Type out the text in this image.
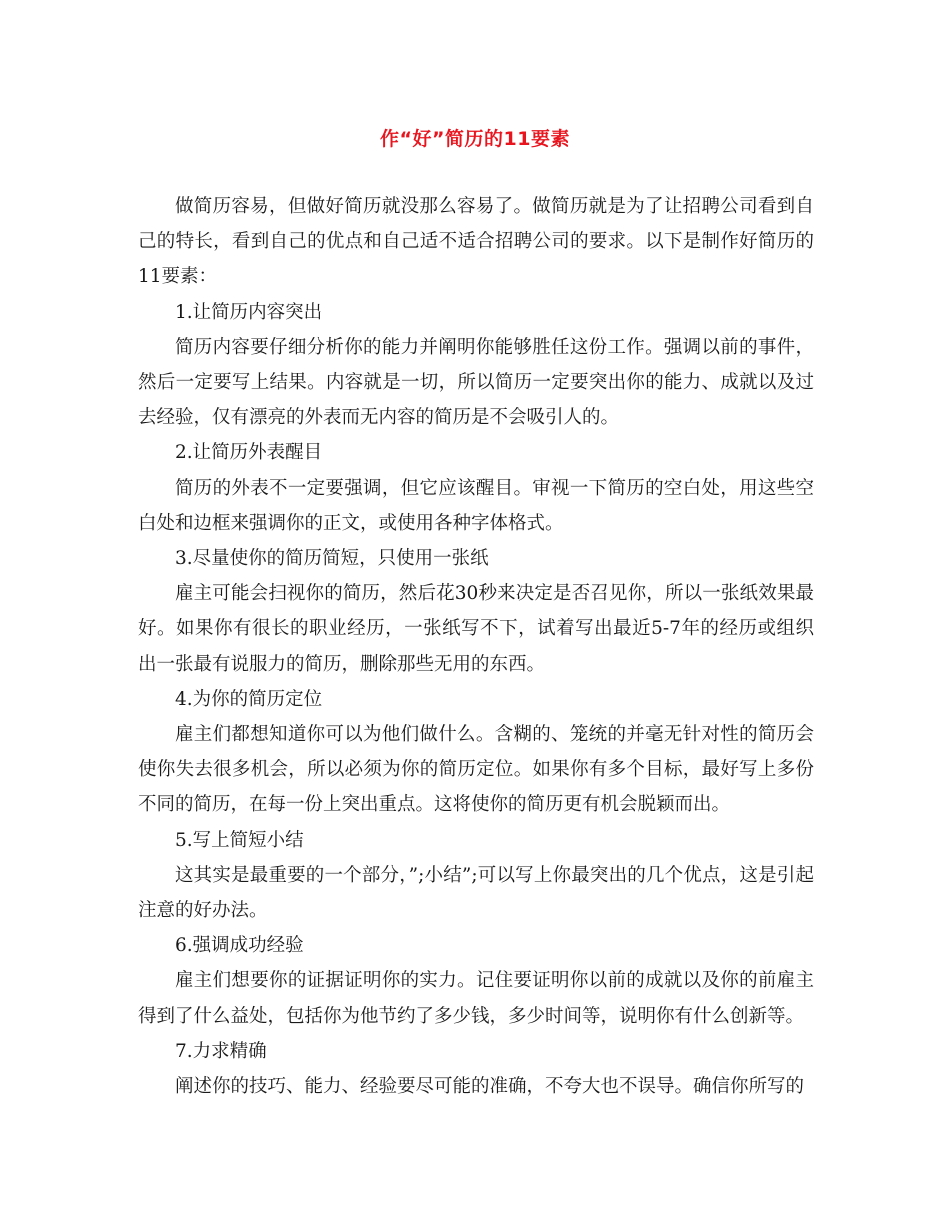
作“好”简历的11要素

做简历容易，但做好简历就没那么容易了。做简历就是为了让招聘公司看到自己的特长，看到自己的优点和自己适不适合招聘公司的要求。以下是制作好简历的11要素：

1.让简历内容突出

简历内容要仔细分析你的能力并阐明你能够胜任这份工作。强调以前的事件，然后一定要写上结果。内容就是一切，所以简历一定要突出你的能力、成就以及过去经验，仅有漂亮的外表而无内容的简历是不会吸引人的。

2.让简历外表醒目

简历的外表不一定要强调，但它应该醒目。审视一下简历的空白处，用这些空白处和边框来强调你的正文，或使用各种字体格式。

3.尽量使你的简历简短，只使用一张纸

雇主可能会扫视你的简历，然后花30秒来决定是否召见你，所以一张纸效果最好。如果你有很长的职业经历，一张纸写不下，试着写出最近5-7年的经历或组织出一张最有说服力的简历，删除那些无用的东西。

4.为你的简历定位

雇主们都想知道你可以为他们做什么。含糊的、笼统的并毫无针对性的简历会使你失去很多机会，所以必须为你的简历定位。如果你有多个目标，最好写上多份不同的简历，在每一份上突出重点。这将使你的简历更有机会脱颖而出。

5.写上简短小结

这其实是最重要的一个部分，”;小结”;可以写上你最突出的几个优点，这是引起注意的好办法。

6.强调成功经验

雇主们想要你的证据证明你的实力。记住要证明你以前的成就以及你的前雇主得到了什么益处，包括你为他节约了多少钱，多少时间等，说明你有什么创新等。

7.力求精确

阐述你的技巧、能力、经验要尽可能的准确，不夸大也不误导。确信你所写的
